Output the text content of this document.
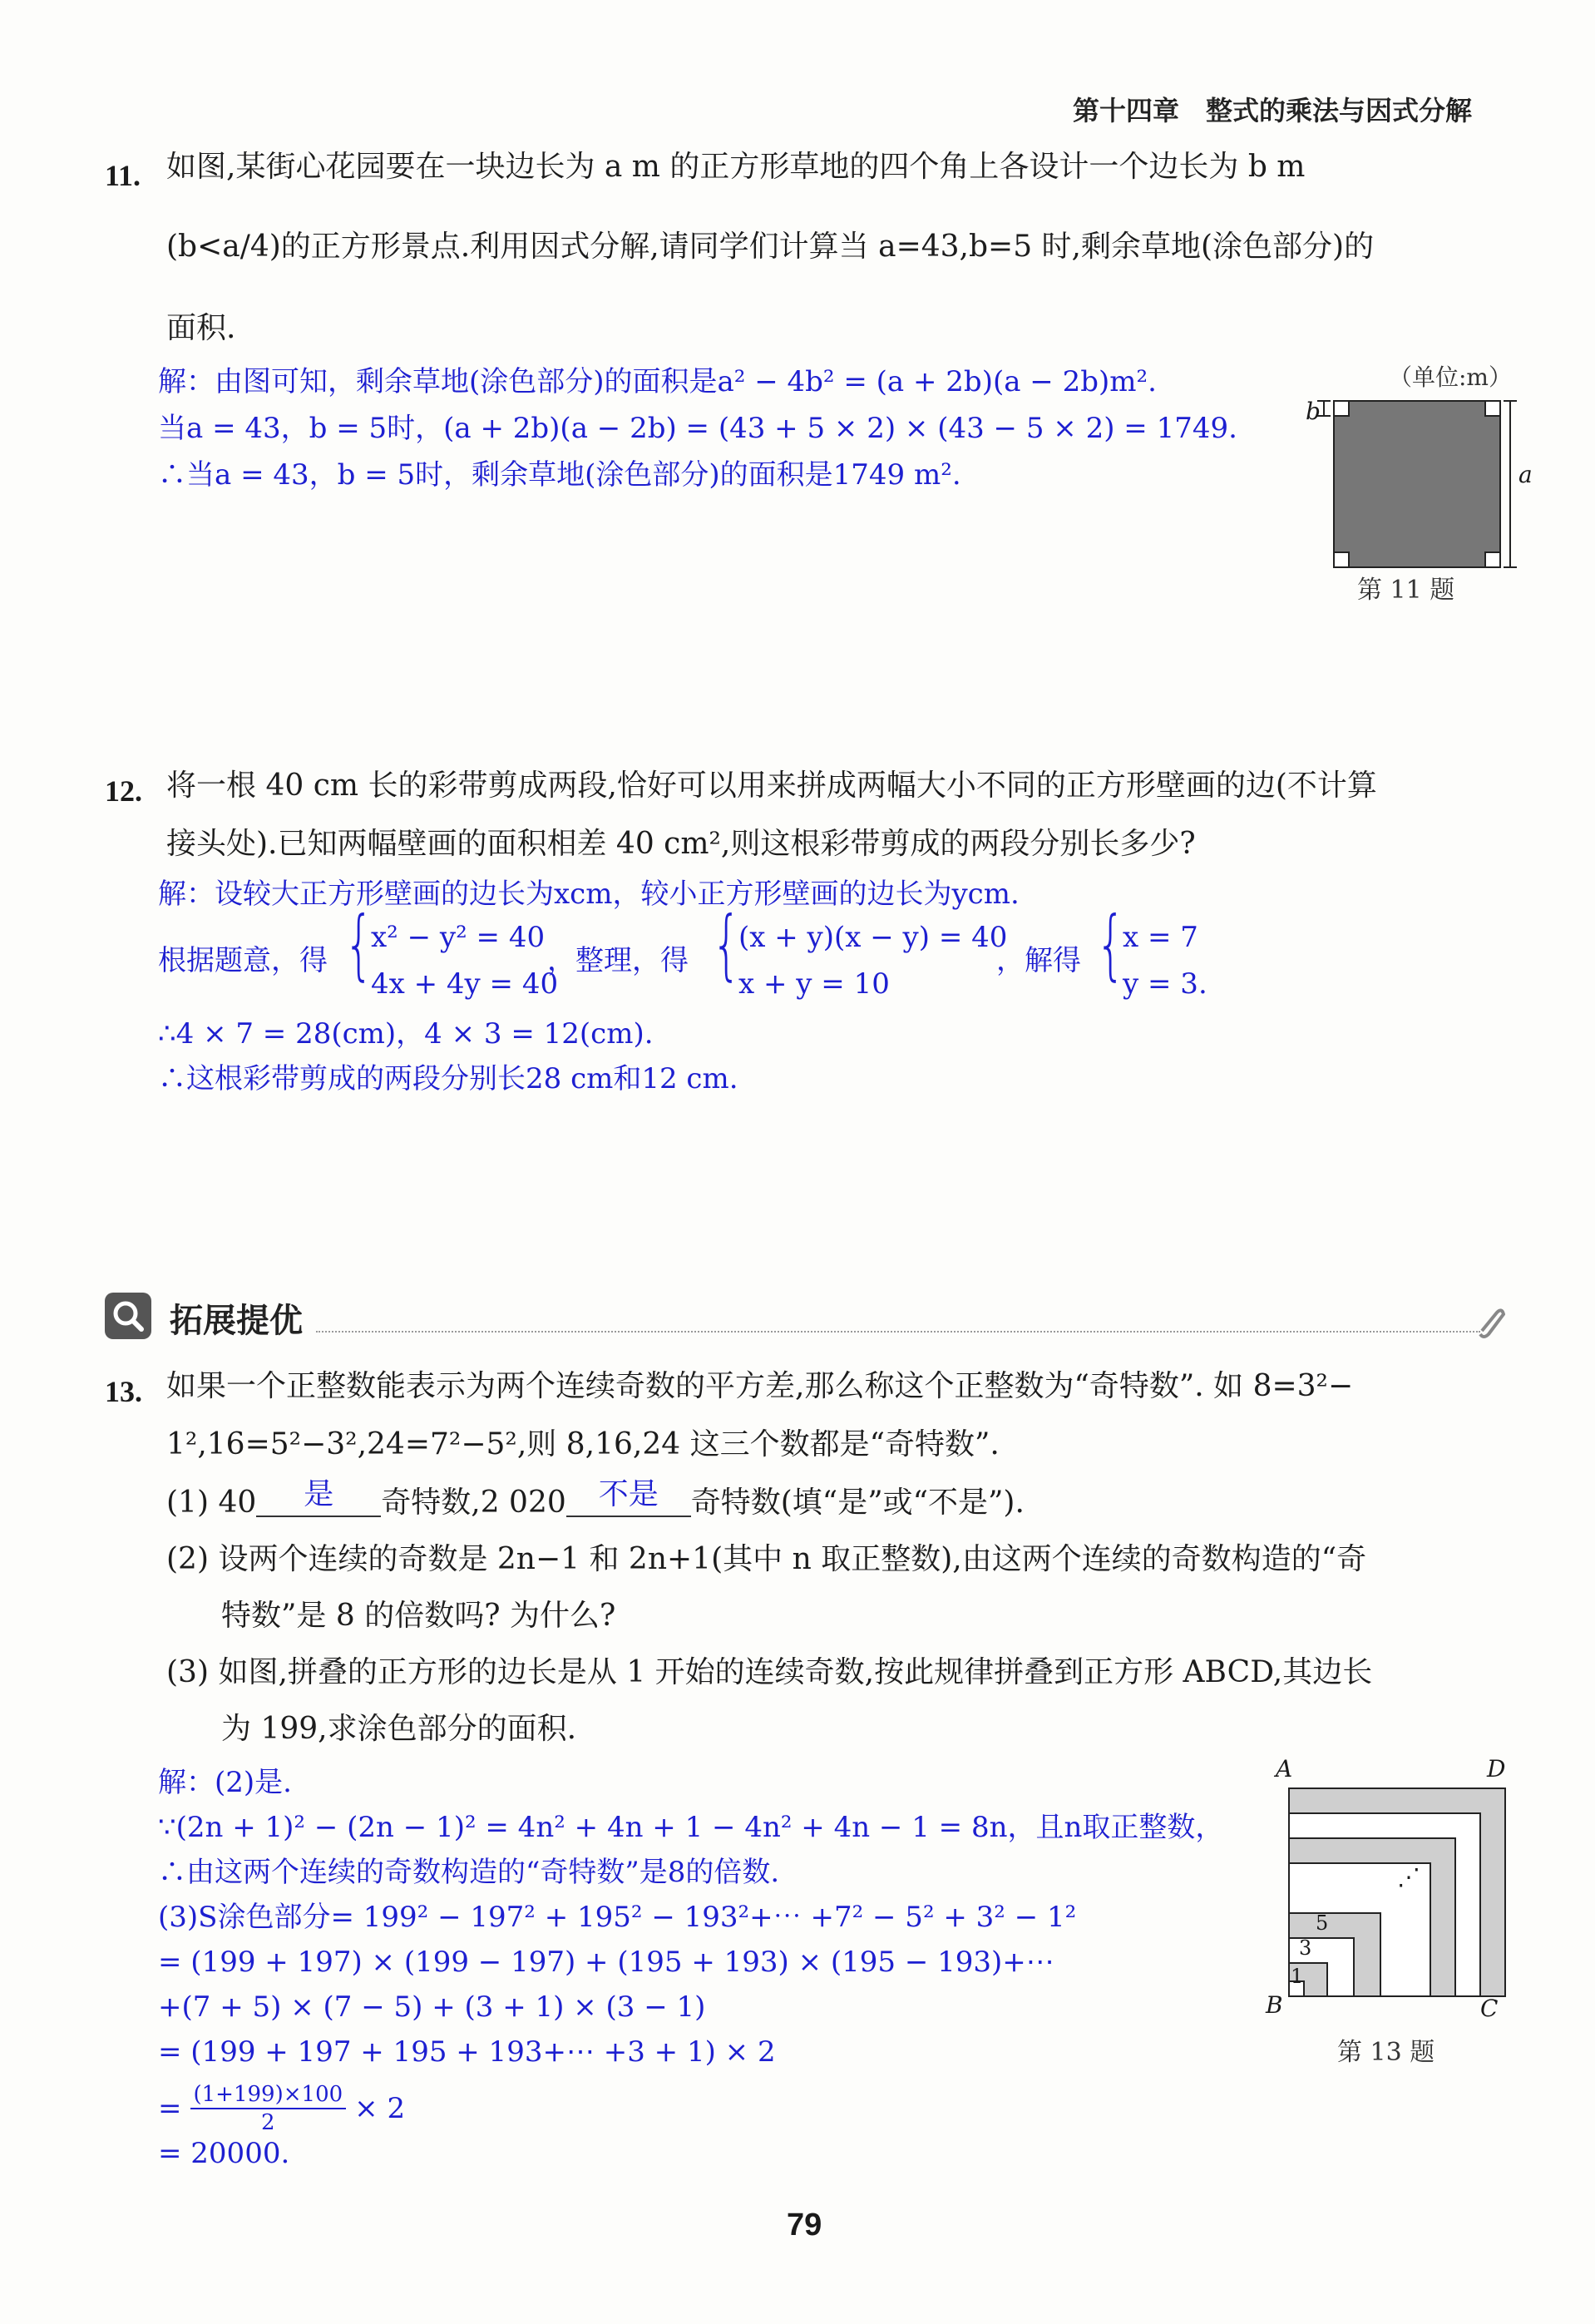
第十四章　整式的乘法与因式分解
11. 如图,某街心花园要在一块边长为 a m 的正方形草地的四个角上各设计一个边长为 b m
(b<a/4)的正方形景点.利用因式分解,请同学们计算当 a=43,b=5 时,剩余草地(涂色部分)的
面积.
解：由图可知，剩余草地(涂色部分)的面积是a² − 4b² = (a + 2b)(a − 2b)m².
当a = 43，b = 5时，(a + 2b)(a − 2b) = (43 + 5 × 2) × (43 − 5 × 2) = 1749.
∴当a = 43，b = 5时，剩余草地(涂色部分)的面积是1749 m².
（单位:m）
b
a
第 11 题
12. 将一根 40 cm 长的彩带剪成两段,恰好可以用来拼成两幅大小不同的正方形壁画的边(不计算
接头处).已知两幅壁画的面积相差 40 cm²,则这根彩带剪成的两段分别长多少?
解：设较大正方形壁画的边长为xcm，较小正方形壁画的边长为ycm.
根据题意，得 {
x² − y² = 40
4x + 4y = 40
，整理，得 {
(x + y)(x − y) = 40
x + y = 10
，解得 {
x = 7
y = 3.
∴4 × 7 = 28(cm)，4 × 3 = 12(cm).
∴这根彩带剪成的两段分别长28 cm和12 cm.
拓展提优
13. 如果一个正整数能表示为两个连续奇数的平方差,那么称这个正整数为“奇特数”. 如 8=3²−
1²,16=5²−3²,24=7²−5²,则 8,16,24 这三个数都是“奇特数”.
(1) 40 是 奇特数,2 020 不是 奇特数(填“是”或“不是”).
(2) 设两个连续的奇数是 2n−1 和 2n+1(其中 n 取正整数),由这两个连续的奇数构造的“奇
特数”是 8 的倍数吗? 为什么?
(3) 如图,拼叠的正方形的边长是从 1 开始的连续奇数,按此规律拼叠到正方形 ABCD,其边长
为 199,求涂色部分的面积.
解：(2)是.
∵(2n + 1)² − (2n − 1)² = 4n² + 4n + 1 − 4n² + 4n − 1 = 8n，且n取正整数，
∴由这两个连续的奇数构造的“奇特数”是8的倍数.
(3)S涂色部分= 199² − 197² + 195² − 193²+⋯ +7² − 5² + 3² − 1²
= (199 + 197) × (199 − 197) + (195 + 193) × (195 − 193)+⋯
+(7 + 5) × (7 − 5) + (3 + 1) × (3 − 1)
= (199 + 197 + 195 + 193+⋯ +3 + 1) × 2
= $\frac{(1+199)\times 100}{2} \times 2$
= 20000.
A	D
B	C
1
3
5
⋰
第 13 题
79
